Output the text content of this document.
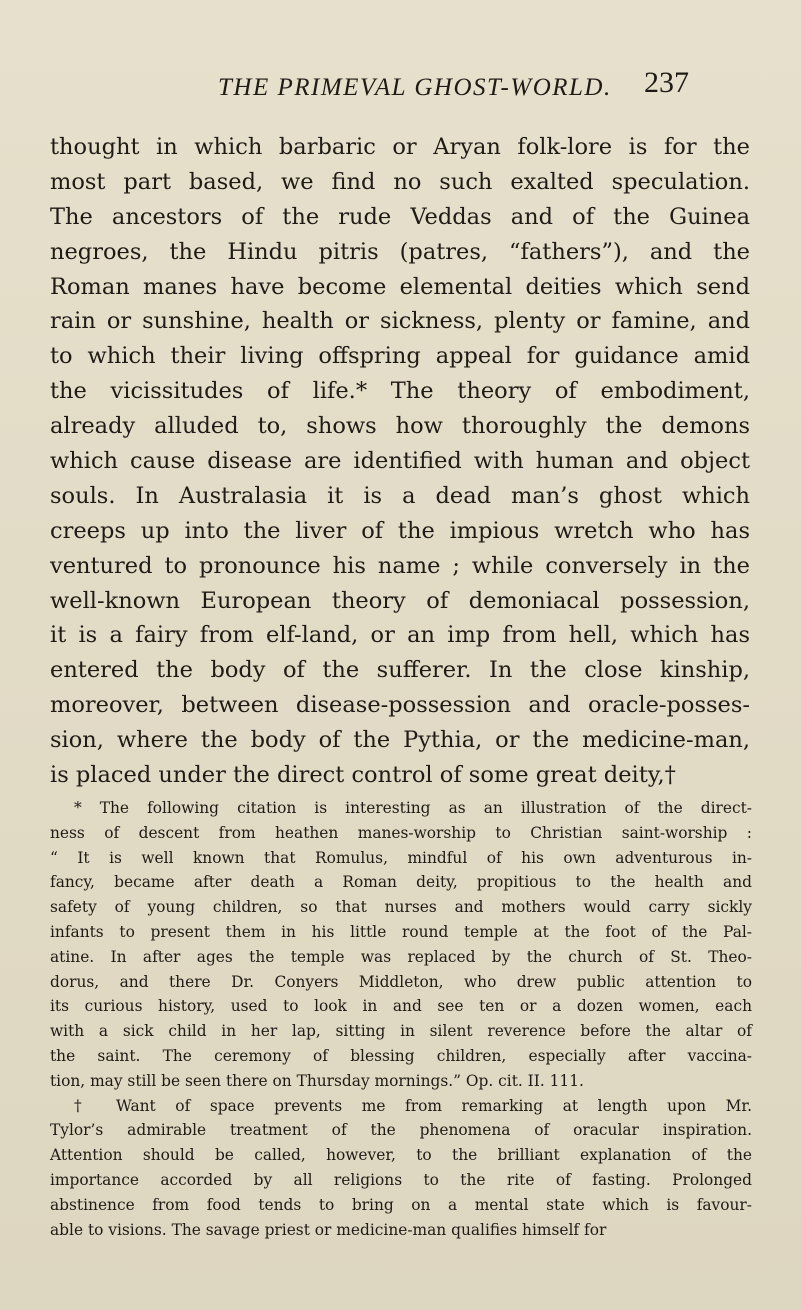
THE PRIMEVAL GHOST-WORLD. 237
thought in which barbaric or Aryan folk-lore is for the
most part based, we find no such exalted speculation.
The ancestors of the rude Veddas and of the Guinea
negroes, the Hindu pitris (patres, “fathers”), and the
Roman manes have become elemental deities which send
rain or sunshine, health or sickness, plenty or famine, and
to which their living offspring appeal for guidance amid
the vicissitudes of life.* The theory of embodiment,
already alluded to, shows how thoroughly the demons
which cause disease are identified with human and object
souls. In Australasia it is a dead man’s ghost which
creeps up into the liver of the impious wretch who has
ventured to pronounce his name ; while conversely in the
well-known European theory of demoniacal possession,
it is a fairy from elf-land, or an imp from hell, which has
entered the body of the sufferer. In the close kinship,
moreover, between disease-possession and oracle-posses-
sion, where the body of the Pythia, or the medicine-man,
is placed under the direct control of some great deity,†
* The following citation is interesting as an illustration of the direct-
ness of descent from heathen manes-worship to Christian saint-worship :
“ It is well known that Romulus, mindful of his own adventurous in-
fancy, became after death a Roman deity, propitious to the health and
safety of young children, so that nurses and mothers would carry sickly
infants to present them in his little round temple at the foot of the Pal-
atine. In after ages the temple was replaced by the church of St. Theo-
dorus, and there Dr. Conyers Middleton, who drew public attention to
its curious history, used to look in and see ten or a dozen women, each
with a sick child in her lap, sitting in silent reverence before the altar of
the saint. The ceremony of blessing children, especially after vaccina-
tion, may still be seen there on Thursday mornings.” Op. cit. II. 111.
† Want of space prevents me from remarking at length upon Mr.
Tylor’s admirable treatment of the phenomena of oracular inspiration.
Attention should be called, however, to the brilliant explanation of the
importance accorded by all religions to the rite of fasting. Prolonged
abstinence from food tends to bring on a mental state which is favour-
able to visions. The savage priest or medicine-man qualifies himself for
